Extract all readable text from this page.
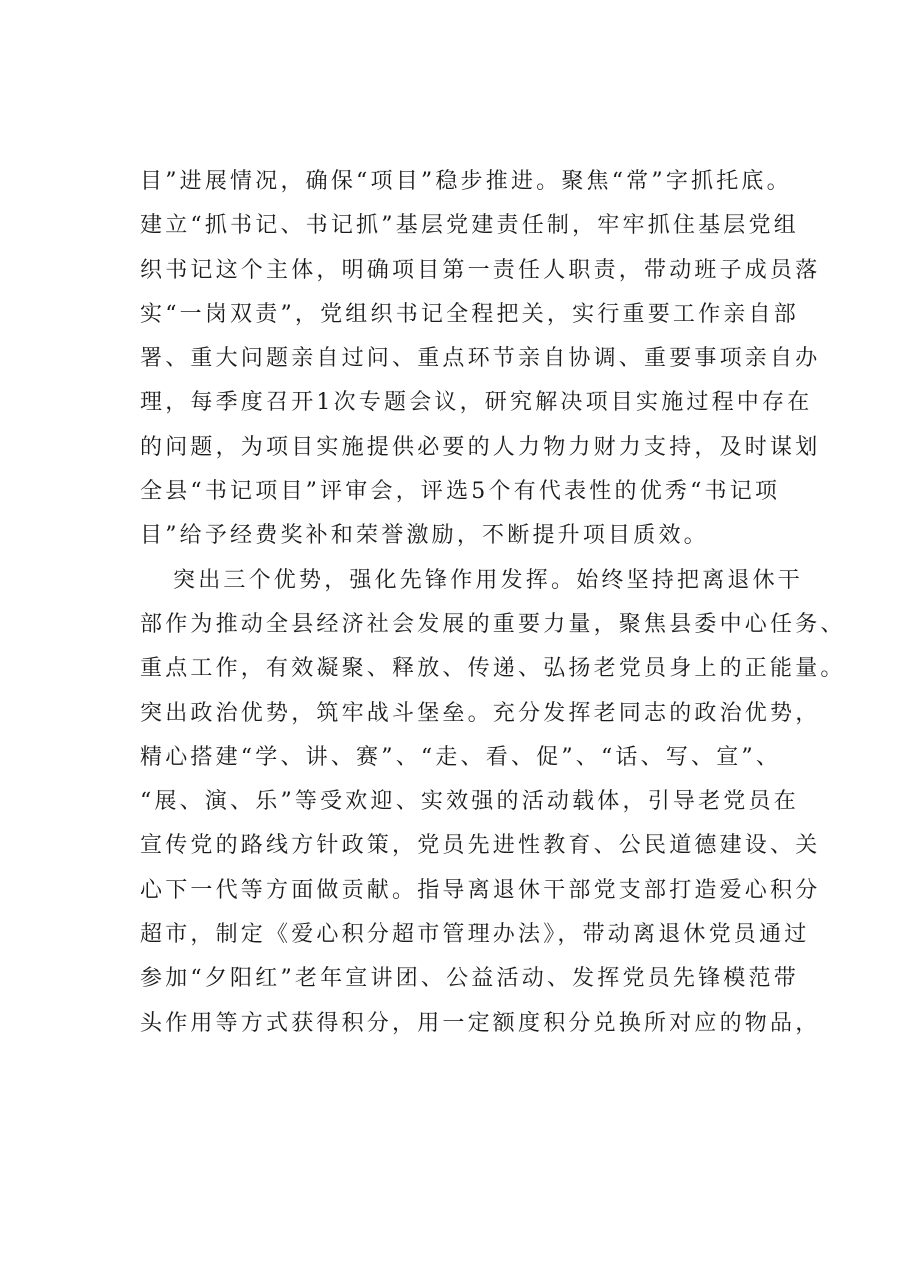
目”进展情况，确保“项目”稳步推进。聚焦“常”字抓托底。
建立“抓书记、书记抓”基层党建责任制，牢牢抓住基层党组
织书记这个主体，明确项目第一责任人职责，带动班子成员落
实“一岗双责”，党组织书记全程把关，实行重要工作亲自部
署、重大问题亲自过问、重点环节亲自协调、重要事项亲自办
理，每季度召开1次专题会议，研究解决项目实施过程中存在
的问题，为项目实施提供必要的人力物力财力支持，及时谋划
全县“书记项目”评审会，评选5个有代表性的优秀“书记项
目”给予经费奖补和荣誉激励，不断提升项目质效。
突出三个优势，强化先锋作用发挥。始终坚持把离退休干
部作为推动全县经济社会发展的重要力量，聚焦县委中心任务、
重点工作，有效凝聚、释放、传递、弘扬老党员身上的正能量。
突出政治优势，筑牢战斗堡垒。充分发挥老同志的政治优势，
精心搭建“学、讲、赛”、“走、看、促”、“话、写、宣”、
“展、演、乐”等受欢迎、实效强的活动载体，引导老党员在
宣传党的路线方针政策，党员先进性教育、公民道德建设、关
心下一代等方面做贡献。指导离退休干部党支部打造爱心积分
超市，制定《爱心积分超市管理办法》，带动离退休党员通过
参加“夕阳红”老年宣讲团、公益活动、发挥党员先锋模范带
头作用等方式获得积分，用一定额度积分兑换所对应的物品，
